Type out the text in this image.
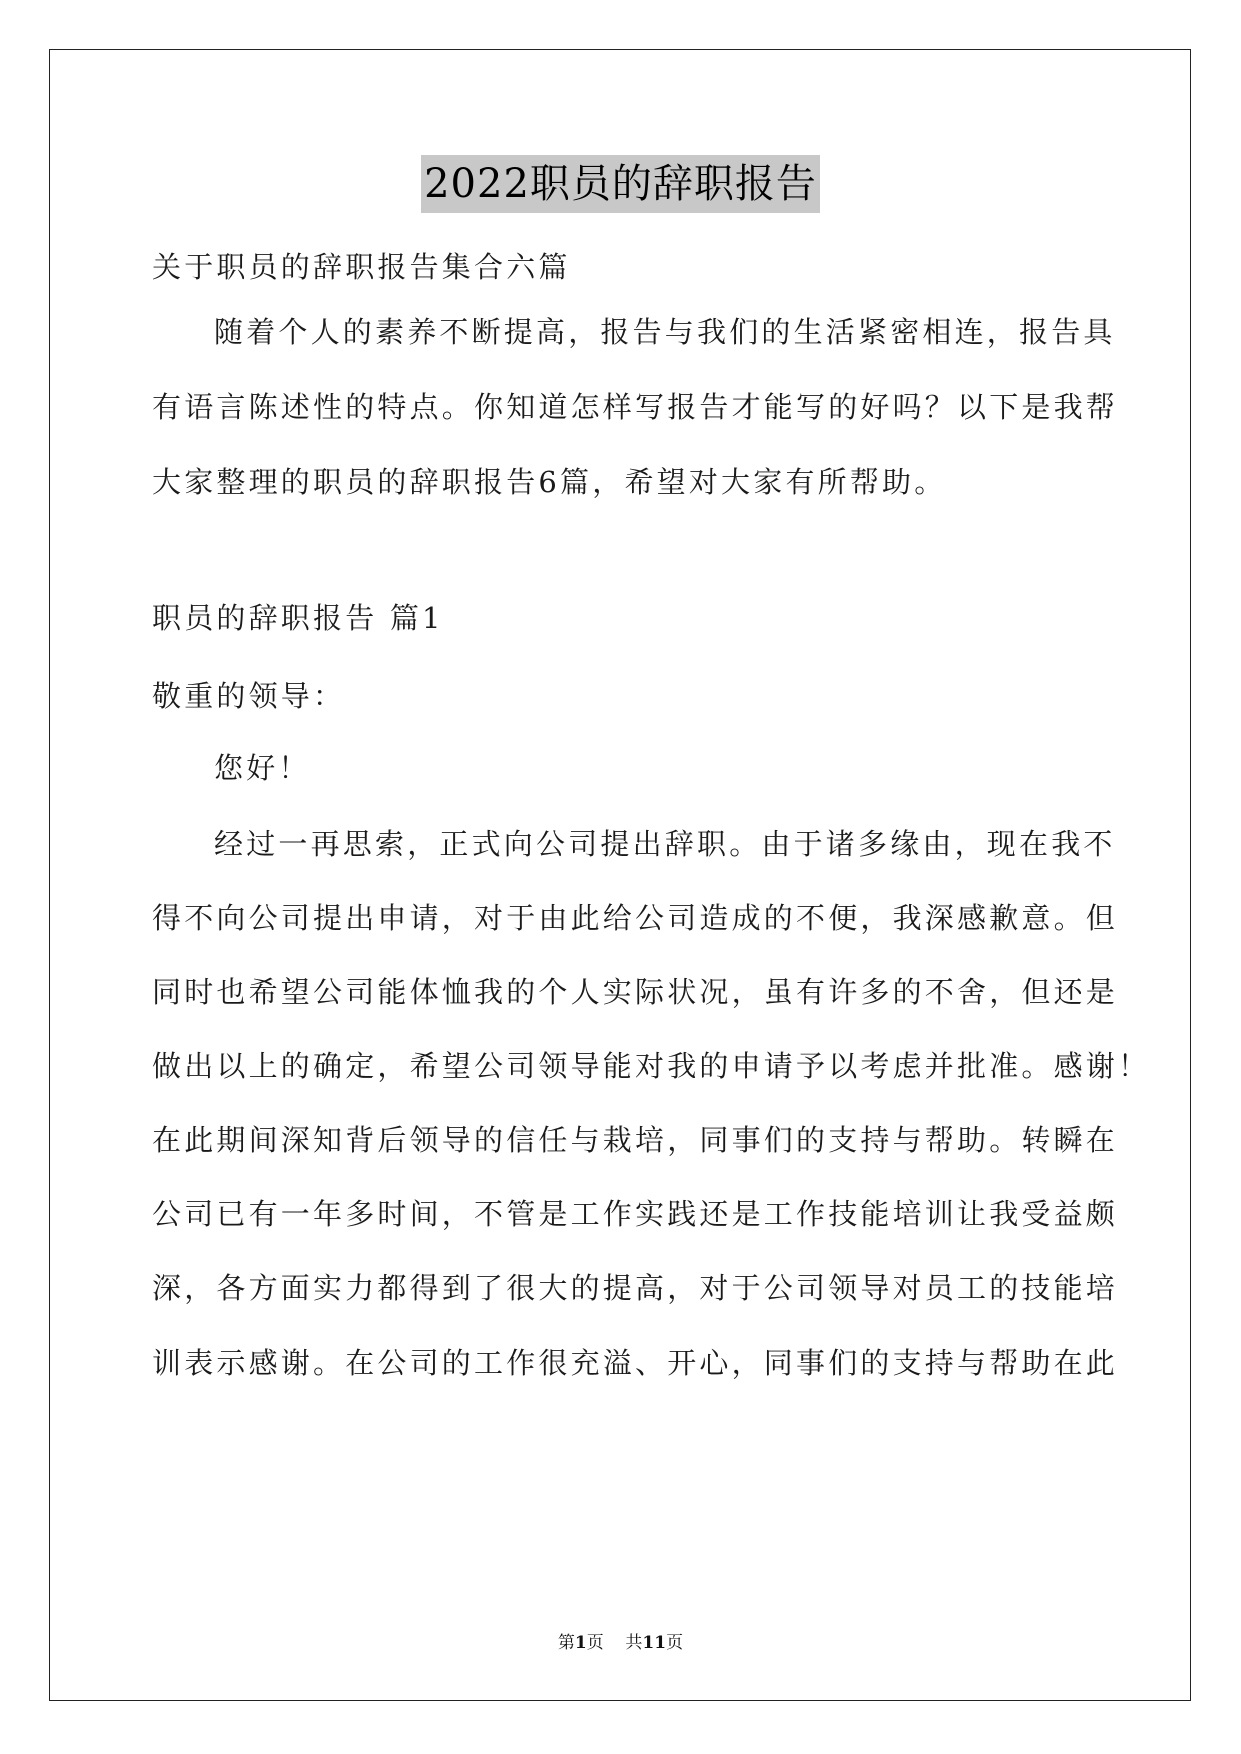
2022职员的辞职报告
关于职员的辞职报告集合六篇
随着个人的素养不断提高，报告与我们的生活紧密相连，报告具
有语言陈述性的特点。你知道怎样写报告才能写的好吗？以下是我帮
大家整理的职员的辞职报告6篇，希望对大家有所帮助。
职员的辞职报告 篇1
敬重的领导：
您好！
经过一再思索，正式向公司提出辞职。由于诸多缘由，现在我不
得不向公司提出申请，对于由此给公司造成的不便，我深感歉意。但
同时也希望公司能体恤我的个人实际状况，虽有许多的不舍，但还是
做出以上的确定，希望公司领导能对我的申请予以考虑并批准。感谢！
在此期间深知背后领导的信任与栽培，同事们的支持与帮助。转瞬在
公司已有一年多时间，不管是工作实践还是工作技能培训让我受益颇
深，各方面实力都得到了很大的提高，对于公司领导对员工的技能培
训表示感谢。在公司的工作很充溢、开心，同事们的支持与帮助在此
第1页    共11页
